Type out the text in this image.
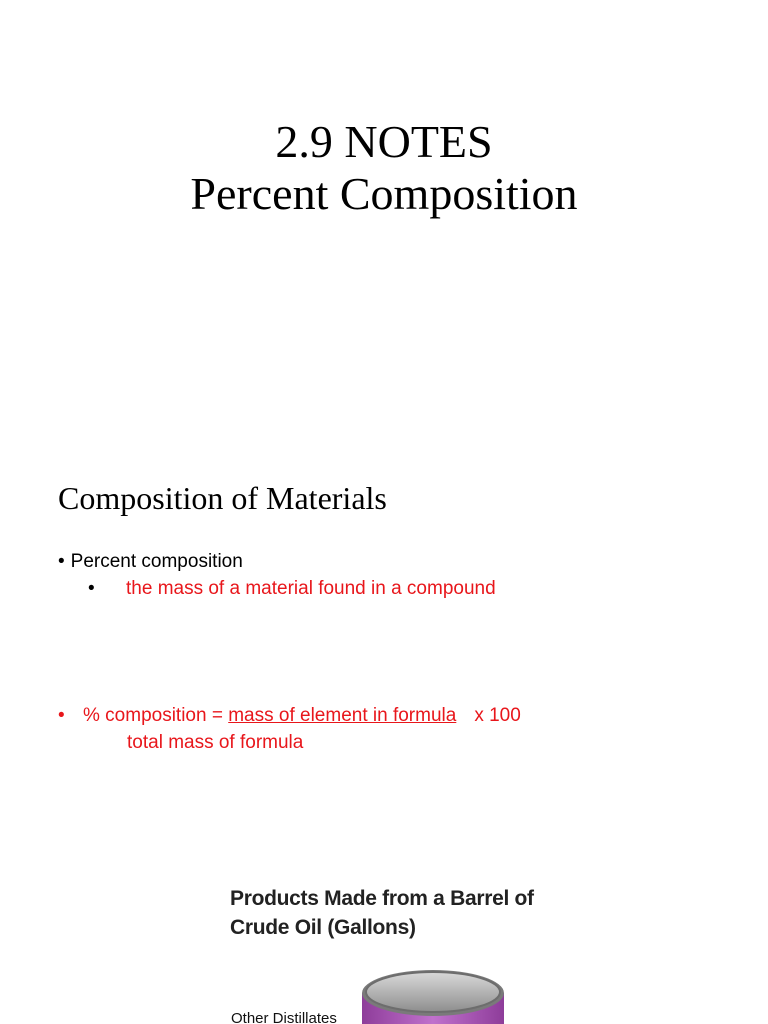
2.9 NOTES
Percent Composition
Composition of Materials
• Percent composition
• the mass of a material found in a compound
• % composition = mass of element in formula x 100
total mass of formula
Products Made from a Barrel of
Crude Oil (Gallons)
Other Distillates
